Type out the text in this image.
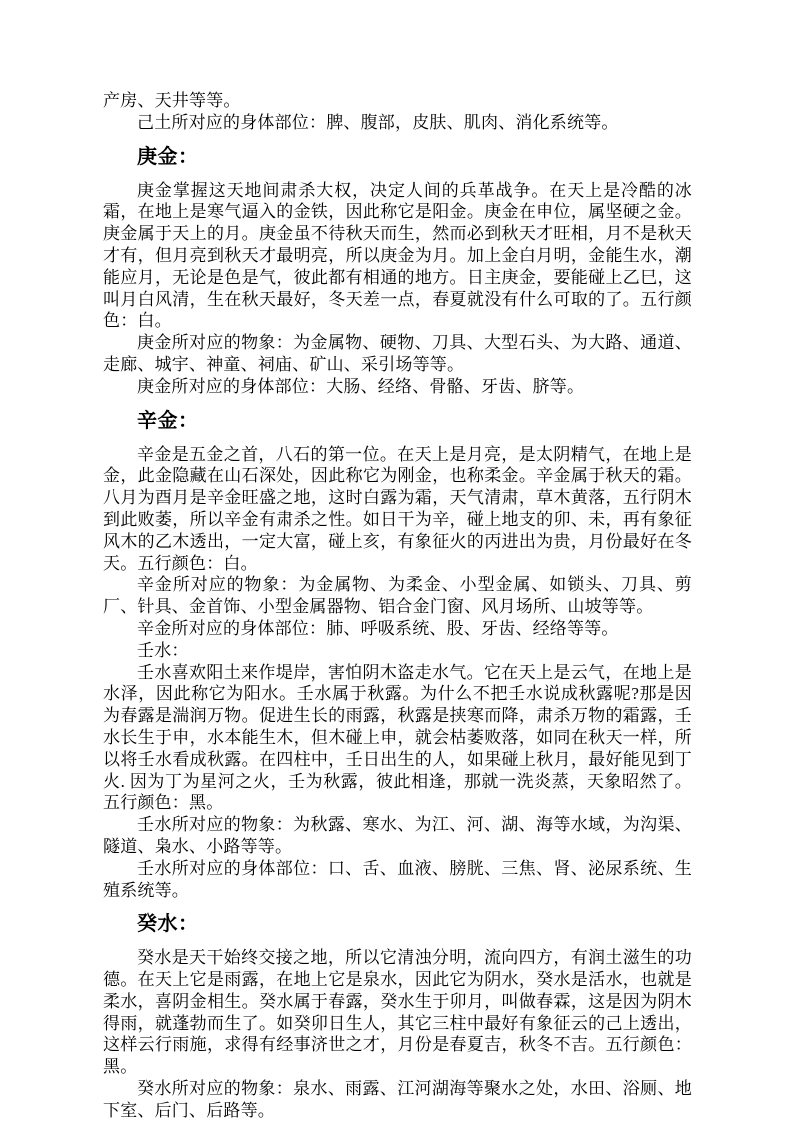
产房、天井等等。

己土所对应的身体部位：脾、腹部，皮肤、肌肉、消化系统等。

庚金：

庚金掌握这天地间肃杀大权，决定人间的兵革战争。在天上是冷酷的冰霜，在地上是寒气逼入的金铁，因此称它是阳金。庚金在申位，属坚硬之金。庚金属于天上的月。庚金虽不待秋天而生，然而必到秋天才旺相，月不是秋天才有，但月亮到秋天才最明亮，所以庚金为月。加上金白月明，金能生水，潮能应月，无论是色是气，彼此都有相通的地方。日主庚金，要能碰上乙巳，这叫月白风清，生在秋天最好，冬天差一点，春夏就没有什么可取的了。五行颜色：白。

庚金所对应的物象：为金属物、硬物、刀具、大型石头、为大路、通道、走廊、城宇、神童、祠庙、矿山、采引场等等。

庚金所对应的身体部位：大肠、经络、骨骼、牙齿、脐等。

辛金：

辛金是五金之首，八石的第一位。在天上是月亮，是太阴精气，在地上是金，此金隐藏在山石深处，因此称它为刚金，也称柔金。辛金属于秋天的霜。八月为酉月是辛金旺盛之地，这时白露为霜，天气清肃，草木黄落，五行阴木到此败萎，所以辛金有肃杀之性。如日干为辛，碰上地支的卯、未，再有象征风木的乙木透出，一定大富，碰上亥，有象征火的丙进出为贵，月份最好在冬天。五行颜色：白。

辛金所对应的物象：为金属物、为柔金、小型金属、如锁头、刀具、剪厂、针具、金首饰、小型金属器物、铝合金门窗、风月场所、山坡等等。

辛金所对应的身体部位：肺、呼吸系统、股、牙齿、经络等等。

壬水：

壬水喜欢阳土来作堤岸，害怕阴木盗走水气。它在天上是云气，在地上是水泽，因此称它为阳水。壬水属于秋露。为什么不把壬水说成秋露呢?那是因为春露是湍润万物。促进生长的雨露，秋露是挟寒而降，肃杀万物的霜露，壬水长生于申，水本能生木，但木碰上申，就会枯萎败落，如同在秋天一样，所以将壬水看成秋露。在四柱中，壬日出生的人，如果碰上秋月，最好能见到丁火. 因为丁为星河之火，壬为秋露，彼此相逢，那就一洗炎蒸，天象昭然了。五行颜色：黑。

壬水所对应的物象：为秋露、寒水、为江、河、湖、海等水域，为沟渠、隧道、枭水、小路等等。

壬水所对应的身体部位：口、舌、血液、膀胱、三焦、肾、泌尿系统、生殖系统等。

癸水：

癸水是天干始终交接之地，所以它清浊分明，流向四方，有润土滋生的功德。在天上它是雨露，在地上它是泉水，因此它为阴水，癸水是活水，也就是柔水，喜阴金相生。癸水属于春露，癸水生于卯月，叫做春霖，这是因为阴木得雨，就蓬勃而生了。如癸卯日生人，其它三柱中最好有象征云的己上透出，这样云行雨施，求得有经事济世之才，月份是春夏吉，秋冬不吉。五行颜色：黑。

癸水所对应的物象：泉水、雨露、江河湖海等聚水之处，水田、浴厕、地下室、后门、后路等。
